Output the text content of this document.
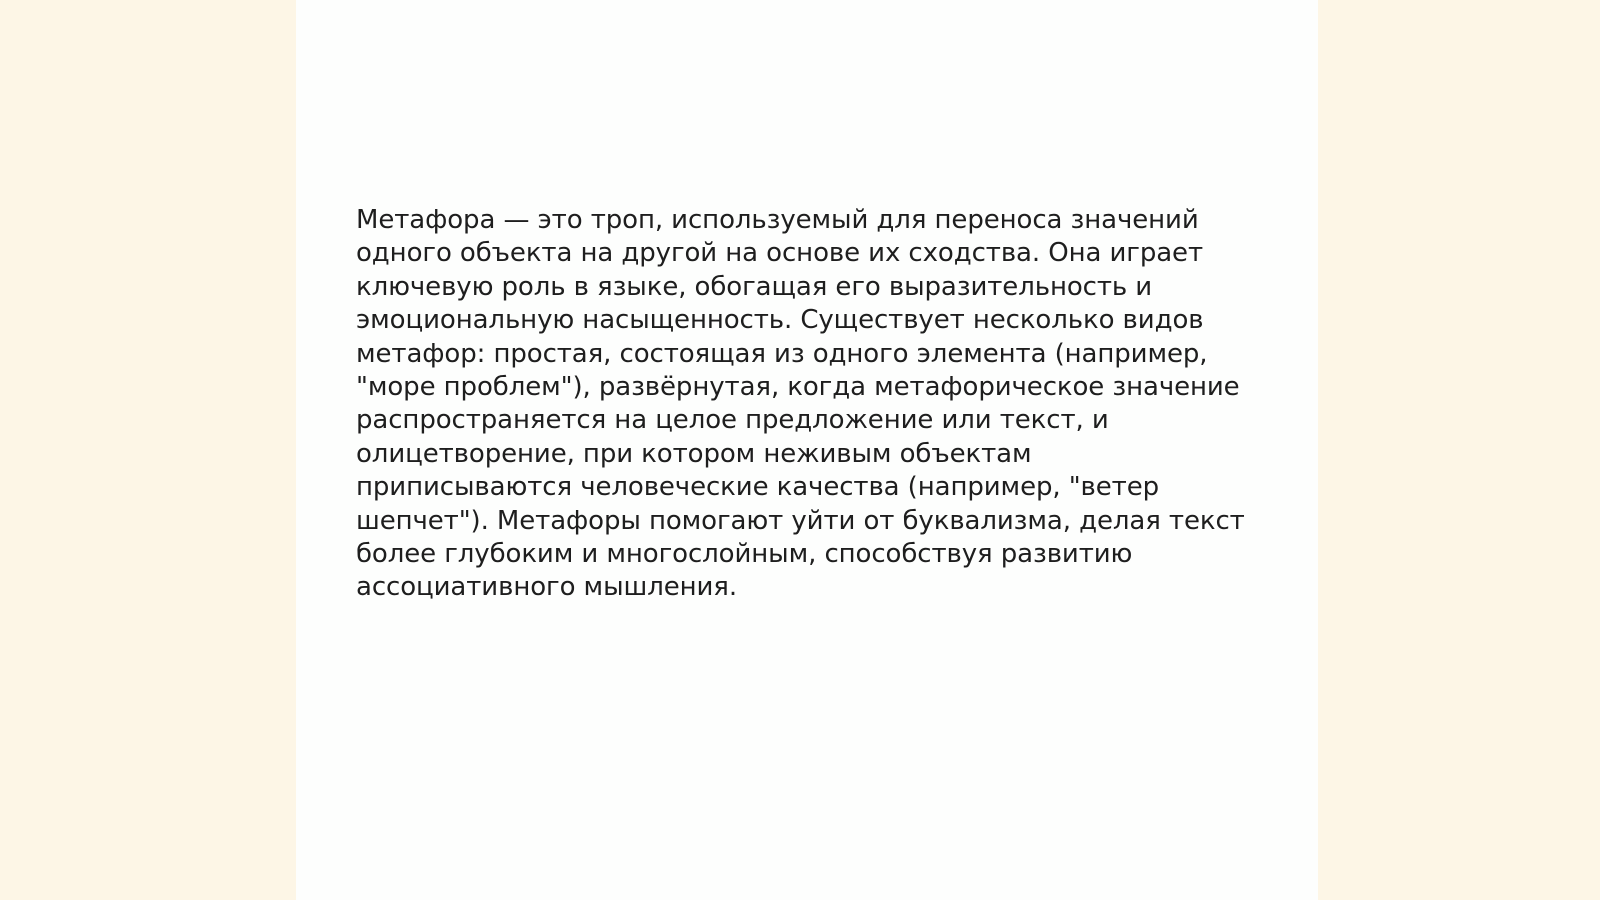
Метафора — это троп, используемый для переноса значений
одного объекта на другой на основе их сходства. Она играет
ключевую роль в языке, обогащая его выразительность и
эмоциональную насыщенность. Существует несколько видов
метафор: простая, состоящая из одного элемента (например,
"море проблем"), развёрнутая, когда метафорическое значение
распространяется на целое предложение или текст, и
олицетворение, при котором неживым объектам
приписываются человеческие качества (например, "ветер
шепчет"). Метафоры помогают уйти от буквализма, делая текст
более глубоким и многослойным, способствуя развитию
ассоциативного мышления.
